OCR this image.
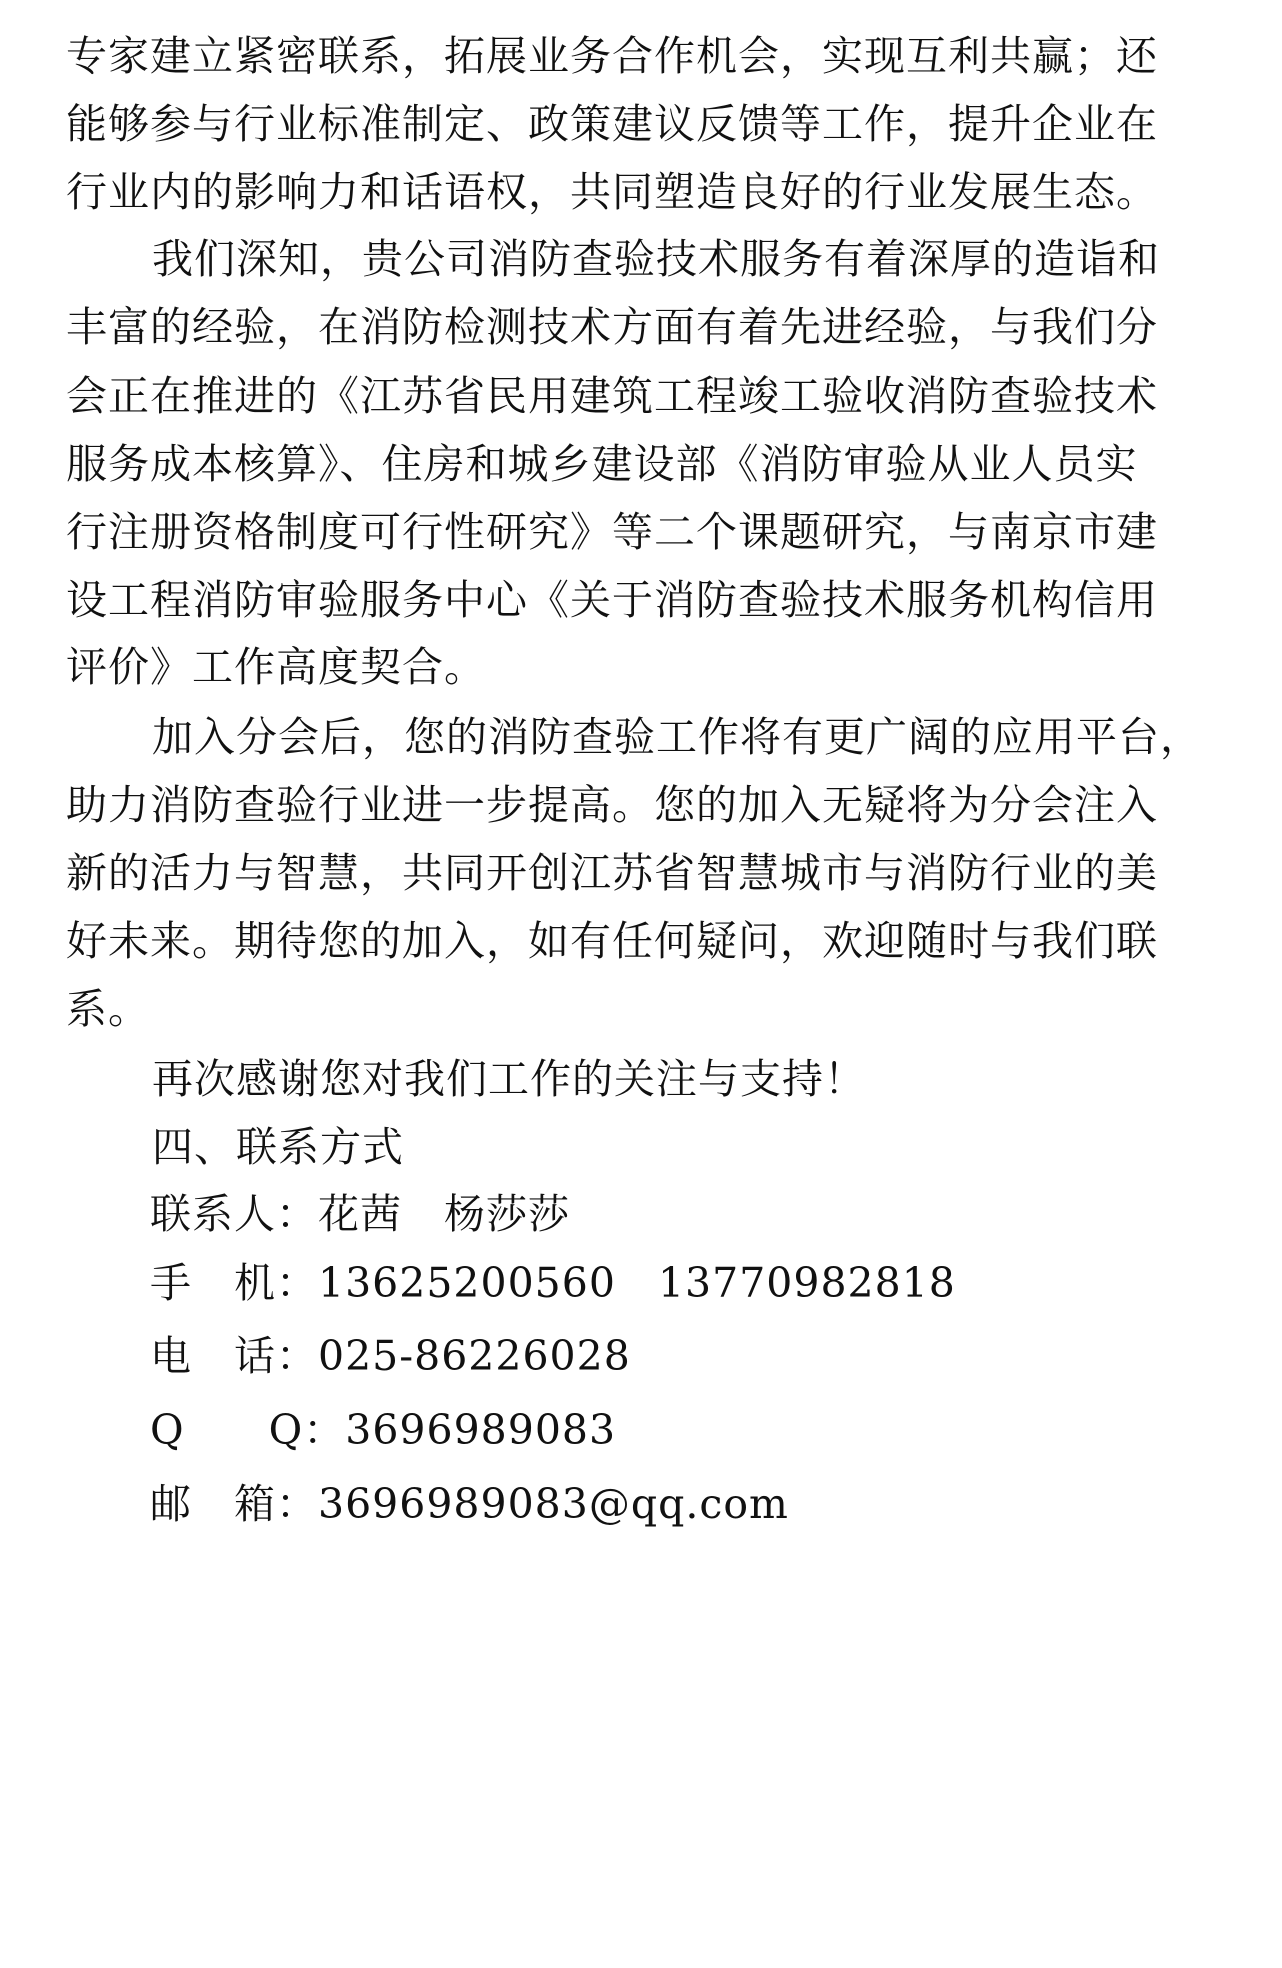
专家建立紧密联系，拓展业务合作机会，实现互利共赢；还
能够参与行业标准制定、政策建议反馈等工作，提升企业在
行业内的影响力和话语权，共同塑造良好的行业发展生态。
我们深知，贵公司消防查验技术服务有着深厚的造诣和
丰富的经验，在消防检测技术方面有着先进经验，与我们分
会正在推进的《江苏省民用建筑工程竣工验收消防查验技术
服务成本核算》、住房和城乡建设部《消防审验从业人员实
行注册资格制度可行性研究》等二个课题研究，与南京市建
设工程消防审验服务中心《关于消防查验技术服务机构信用
评价》工作高度契合。
加入分会后，您的消防查验工作将有更广阔的应用平台，
助力消防查验行业进一步提高。您的加入无疑将为分会注入
新的活力与智慧，共同开创江苏省智慧城市与消防行业的美
好未来。期待您的加入，如有任何疑问，欢迎随时与我们联
系。
再次感谢您对我们工作的关注与支持！
四、联系方式
联系人：花茜　杨莎莎
手　机：13625200560　13770982818
电　话：025-86226028
Q　　Q：3696989083
邮　箱：3696989083@qq.com
